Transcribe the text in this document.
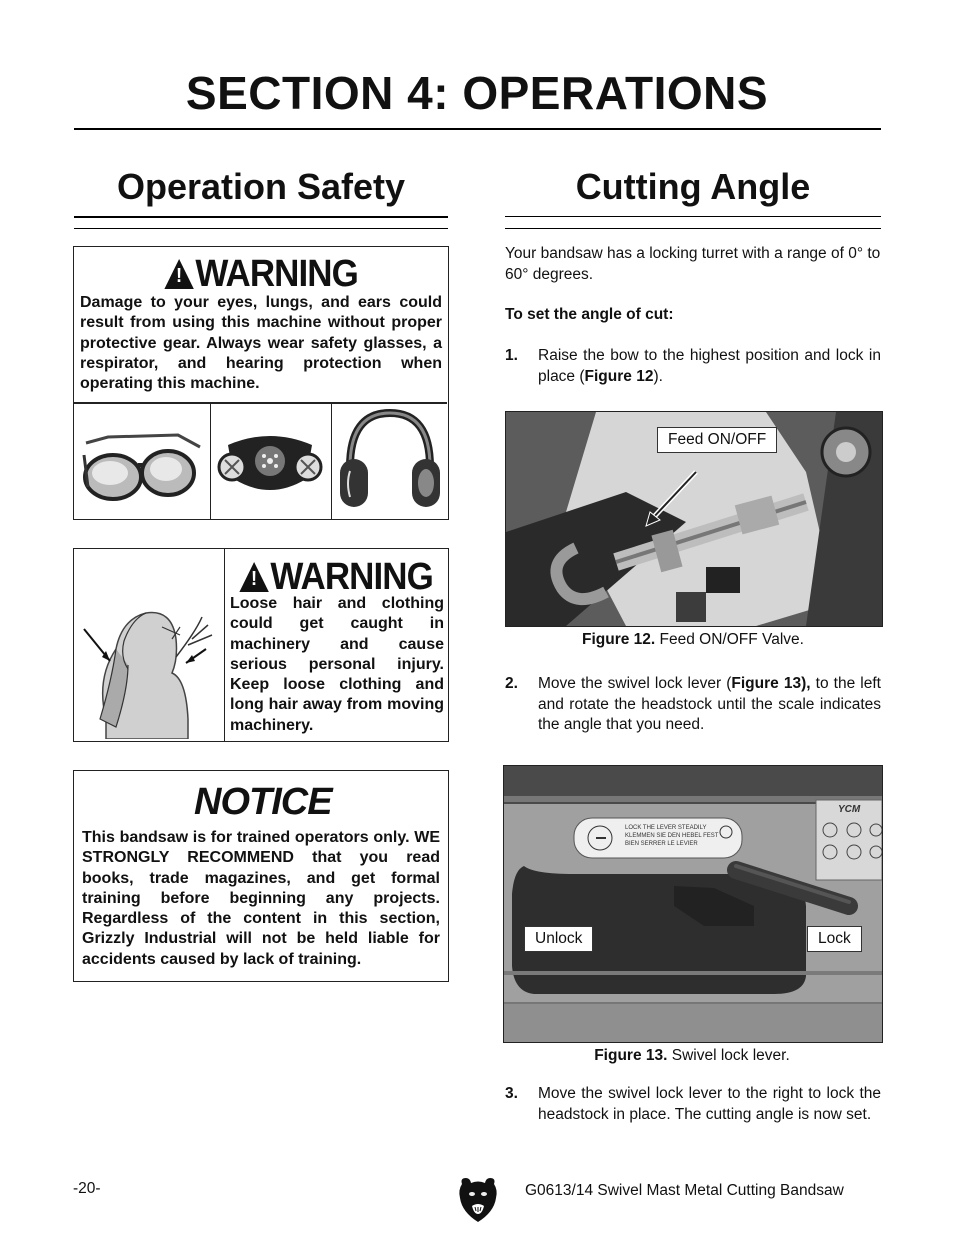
SECTION 4: OPERATIONS
Operation Safety
! WARNING

Damage to your eyes, lungs, and ears could result from using this machine without proper protective gear. Always wear safety glasses, a respirator, and hearing protection when operating this machine.

! WARNING

Loose hair and clothing could get caught in machinery and cause serious personal injury. Keep loose clothing and long hair away from moving machinery.

NOTICE

This bandsaw is for trained operators only. WE STRONGLY RECOMMEND that you read books, trade magazines, and get formal training before beginning any projects. Regardless of the content in this section, Grizzly Industrial will not be held liable for accidents caused by lack of training.

Cutting Angle

Your bandsaw has a locking turret with a range of 0° to 60° degrees.

To set the angle of cut:

1. Raise the bow to the highest position and lock in place (Figure 12).

Feed ON/OFF
Figure 12. Feed ON/OFF Valve.
2. Move the swivel lock lever (Figure 13), to the left and rotate the headstock until the scale indicates the angle that you need.

LOCK THE LEVER STEADILY
KLEMMEN SIE DEN HEBEL FEST
BIEN SERRER LE LEVIER
YCM
Unlock	Lock
Figure 13. Swivel lock lever.
3. Move the swivel lock lever to the right to lock the headstock in place. The cutting angle is now set.

-20-	G0613/14 Swivel Mast Metal Cutting Bandsaw
